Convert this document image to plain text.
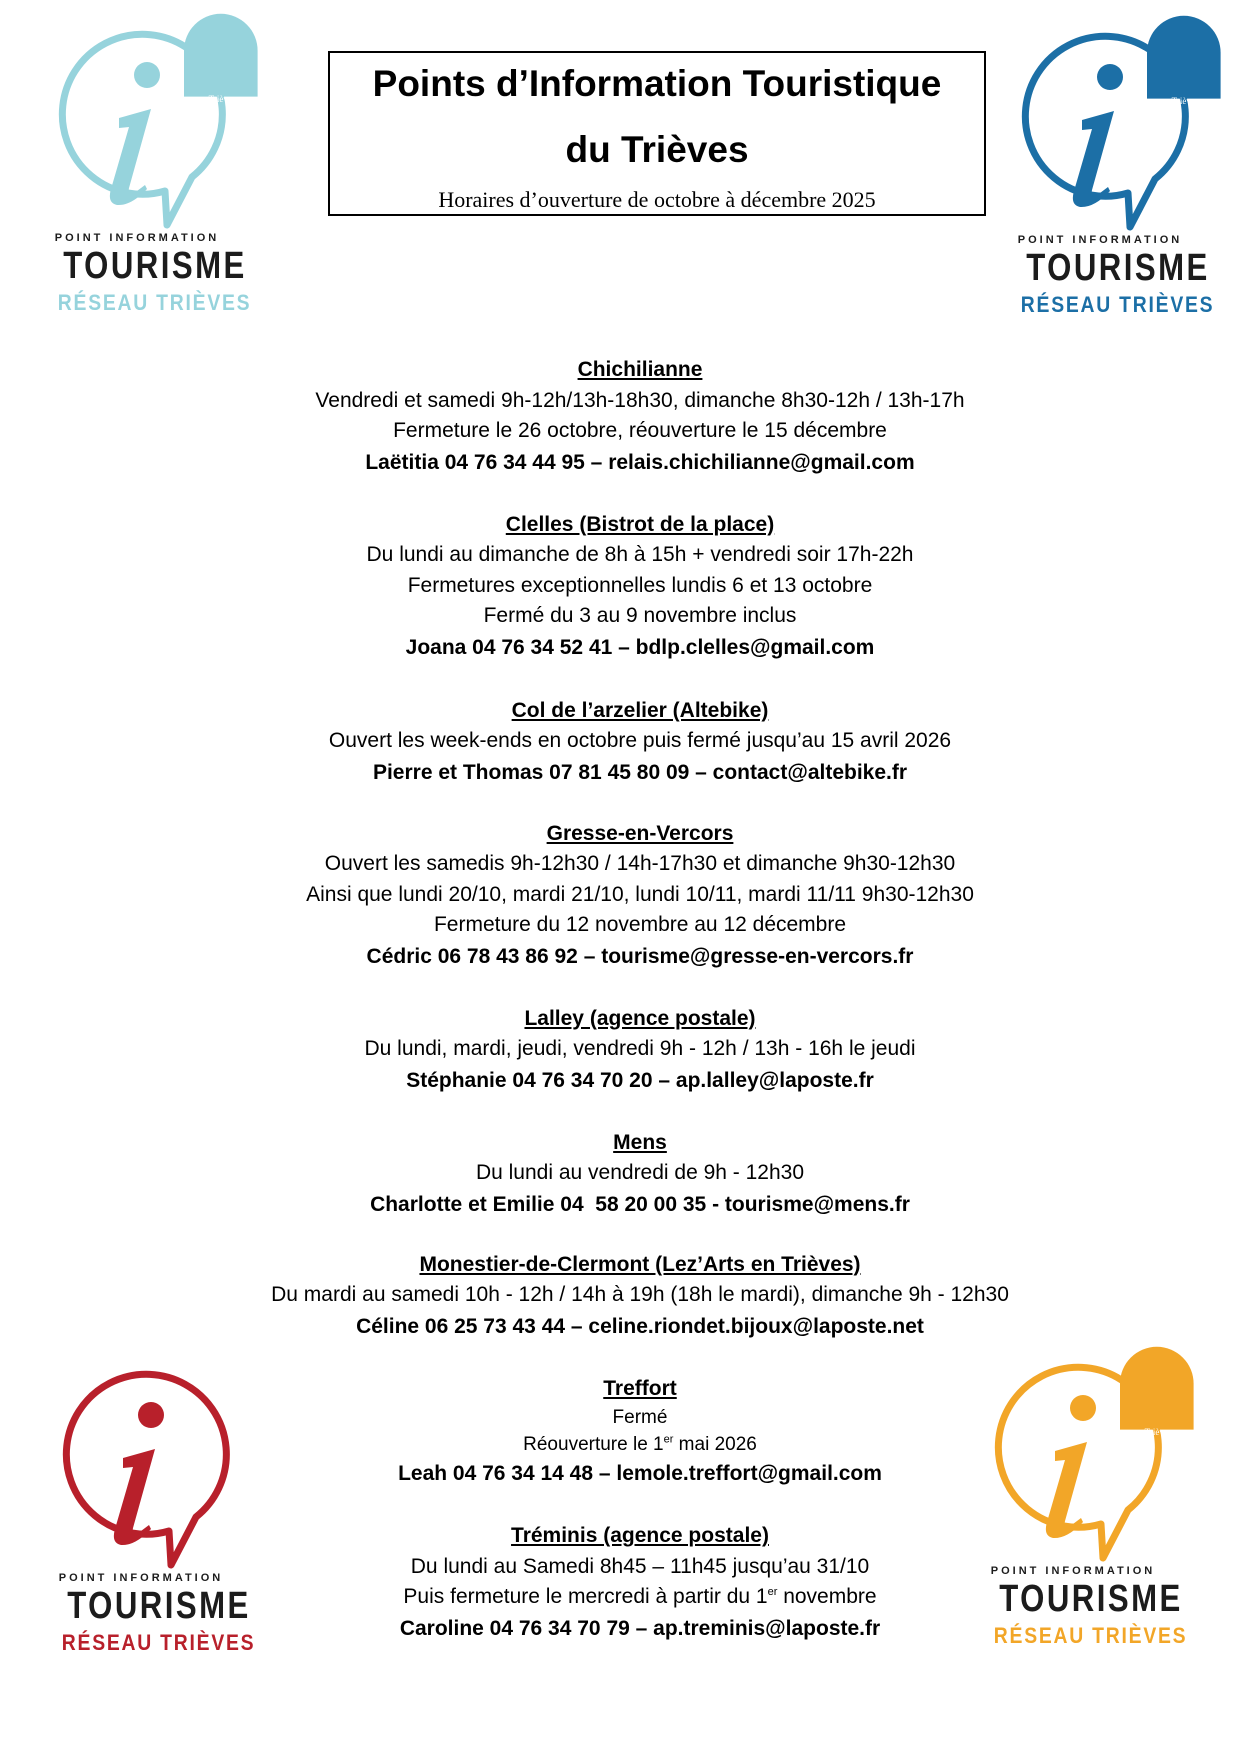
Trièves
POINT INFORMATION
TOURISME
RÉSEAU TRIÈVES
Trièves
POINT INFORMATION
TOURISME
RÉSEAU TRIÈVES
POINT INFORMATION
TOURISME
RÉSEAU TRIÈVES
Trièves
POINT INFORMATION
TOURISME
RÉSEAU TRIÈVES
Points d’Information Touristique
du Trièves
Horaires d’ouverture de octobre à décembre 2025
Chichilianne
Vendredi et samedi 9h-12h/13h-18h30, dimanche 8h30-12h / 13h-17h
Fermeture le 26 octobre, réouverture le 15 décembre
Laëtitia 04 76 34 44 95 – relais.chichilianne@gmail.com
Clelles (Bistrot de la place)
Du lundi au dimanche de 8h à 15h + vendredi soir 17h-22h
Fermetures exceptionnelles lundis 6 et 13 octobre
Fermé du 3 au 9 novembre inclus
Joana 04 76 34 52 41 – bdlp.clelles@gmail.com
Col de l’arzelier (Altebike)
Ouvert les week-ends en octobre puis fermé jusqu’au 15 avril 2026
Pierre et Thomas 07 81 45 80 09 – contact@altebike.fr
Gresse-en-Vercors
Ouvert les samedis 9h-12h30 / 14h-17h30 et dimanche 9h30-12h30
Ainsi que lundi 20/10, mardi 21/10, lundi 10/11, mardi 11/11 9h30-12h30
Fermeture du 12 novembre au 12 décembre
Cédric 06 78 43 86 92 – tourisme@gresse-en-vercors.fr
Lalley (agence postale)
Du lundi, mardi, jeudi, vendredi 9h - 12h / 13h - 16h le jeudi
Stéphanie 04 76 34 70 20 – ap.lalley@laposte.fr
Mens
Du lundi au vendredi de 9h - 12h30
Charlotte et Emilie 04  58 20 00 35 - tourisme@mens.fr
Monestier-de-Clermont (Lez’Arts en Trièves)
Du mardi au samedi 10h - 12h / 14h à 19h (18h le mardi), dimanche 9h - 12h30
Céline 06 25 73 43 44 – celine.riondet.bijoux@laposte.net
Treffort
Fermé
Réouverture le 1er mai 2026
Leah 04 76 34 14 48 – lemole.treffort@gmail.com
Tréminis (agence postale)
Du lundi au Samedi 8h45 – 11h45 jusqu’au 31/10
Puis fermeture le mercredi à partir du 1er novembre
Caroline 04 76 34 70 79 – ap.treminis@laposte.fr
